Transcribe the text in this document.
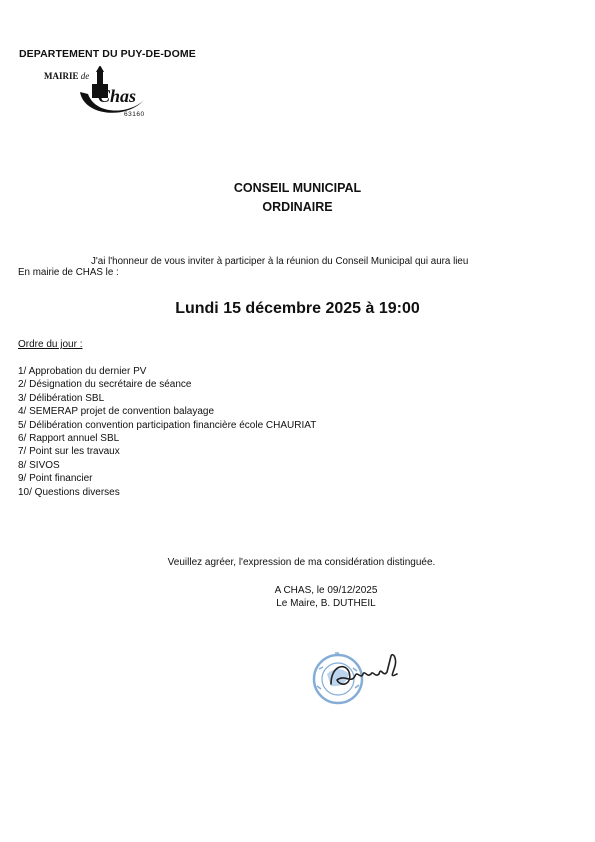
DEPARTEMENT DU PUY-DE-DOME
MAIRIE de
Chas
63160
CONSEIL MUNICIPAL
ORDINAIRE
J'ai l'honneur de vous inviter à participer à la réunion du Conseil Municipal qui aura lieu
En mairie de CHAS le :
Lundi 15 décembre 2025 à 19:00
Ordre du jour :
1/ Approbation du dernier PV
2/ Désignation du secrétaire de séance
3/ Délibération SBL
4/ SEMERAP projet de convention balayage
5/ Délibération convention participation financière école CHAURIAT
6/ Rapport annuel SBL
7/ Point sur les travaux
8/ SIVOS
9/ Point financier
10/ Questions diverses
Veuillez agréer, l'expression de ma considération distinguée.
A CHAS, le 09/12/2025
Le Maire, B. DUTHEIL
